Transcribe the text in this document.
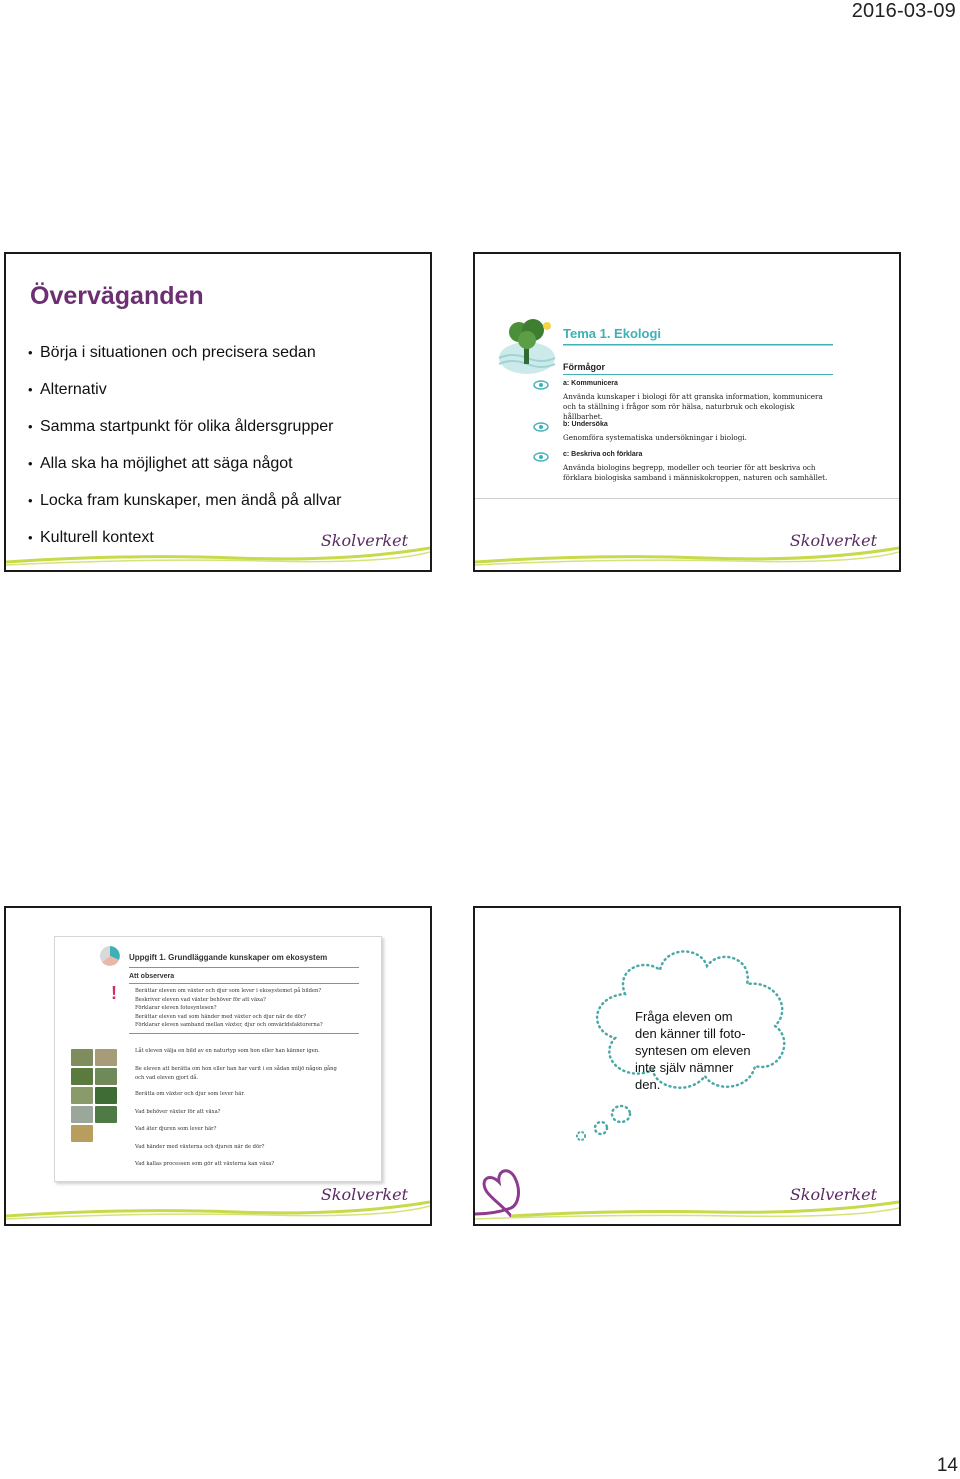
2016-03-09
Överväganden
• Börja i situationen och precisera sedan
• Alternativ
• Samma startpunkt för olika åldersgrupper
• Alla ska ha möjlighet att säga något
• Locka fram kunskaper, men ändå på allvar
• Kulturell kontext	Skolverket
Tema 1. Ekologi
Förmågor
a: Kommunicera
Använda kunskaper i biologi för att granska information, kommunicera
och ta ställning i frågor som rör hälsa, naturbruk och ekologisk hållbarhet.
b: Undersöka
Genomföra systematiska undersökningar i biologi.
c: Beskriva och förklara
Använda biologins begrepp, modeller och teorier för att beskriva och
förklara biologiska samband i människokroppen, naturen och samhället.
Skolverket
Uppgift 1. Grundläggande kunskaper om ekosystem
Att observera
!	Berättar eleven om växter och djur som lever i ekosystemet på bilden?
Beskriver eleven vad växter behöver för att växa?
Förklarar eleven fotosyntesen?
Berättar eleven vad som händer med växter och djur när de dör?
Förklarar eleven samband mellan växter, djur och omvärldsfaktorerna?
Låt eleven välja en bild av en naturtyp som hon eller han känner igen.
Be eleven att berätta om hon eller han har varit i en sådan miljö någon gång
och vad eleven gjort då.
Berätta om växter och djur som lever här.
Vad behöver växter för att växa?
Vad äter djuren som lever här?
Vad händer med växterna och djuren när de dör?
Vad kallas processen som gör att växterna kan växa?
Skolverket
Fråga eleven om
den känner till foto-
syntesen om eleven
inte själv nämner
den.
Skolverket
14
